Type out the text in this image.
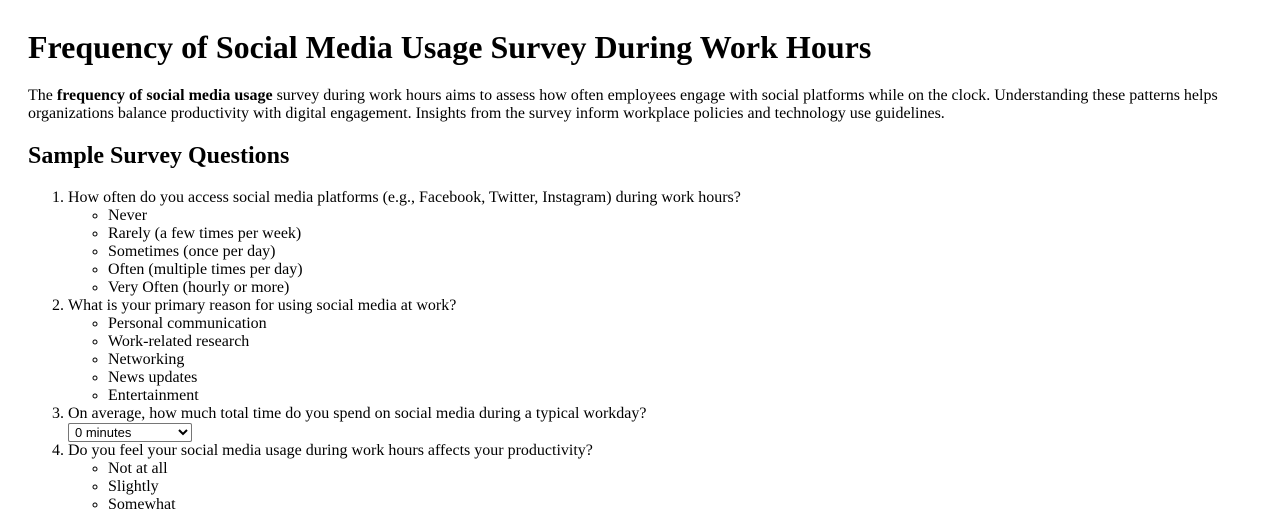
Frequency of Social Media Usage Survey During Work Hours

The frequency of social media usage survey during work hours aims to assess how often employees engage with social platforms while on the clock. Understanding these patterns helps organizations balance productivity with digital engagement. Insights from the survey inform workplace policies and technology use guidelines.

Sample Survey Questions
1. How often do you access social media platforms (e.g., Facebook, Twitter, Instagram) during work hours?
◦ Never
◦ Rarely (a few times per week)
◦ Sometimes (once per day)
◦ Often (multiple times per day)
◦ Very Often (hourly or more)
2. What is your primary reason for using social media at work?
◦ Personal communication
◦ Work-related research
◦ Networking
◦ News updates
◦ Entertainment
3. On average, how much total time do you spend on social media during a typical workday?

0 minutes
4. Do you feel your social media usage during work hours affects your productivity?
◦ Not at all
◦ Slightly
◦ Somewhat
